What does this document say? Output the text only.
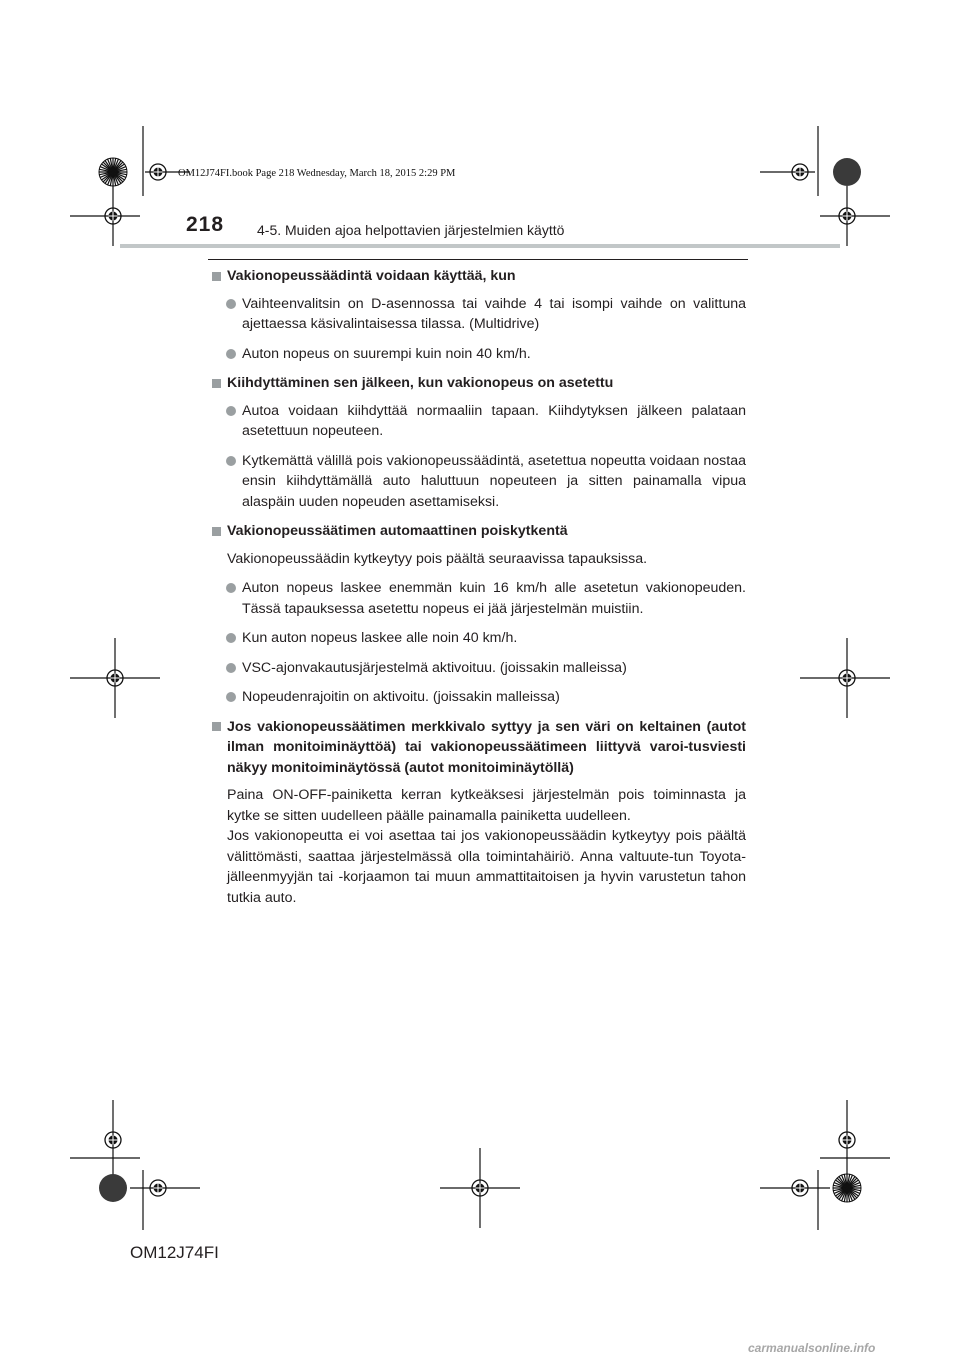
OM12J74FI.book Page 218 Wednesday, March 18, 2015 2:29 PM
218 4-5. Muiden ajoa helpottavien järjestelmien käyttö
Vakionopeussäädintä voidaan käyttää, kun
Vaihteenvalitsin on D-asennossa tai vaihde 4 tai isompi vaihde on valittuna ajettaessa käsivalintaisessa tilassa. (Multidrive)
Auton nopeus on suurempi kuin noin 40 km/h.
Kiihdyttäminen sen jälkeen, kun vakionopeus on asetettu
Autoa voidaan kiihdyttää normaaliin tapaan. Kiihdytyksen jälkeen palataan asetettuun nopeuteen.
Kytkemättä välillä pois vakionopeussäädintä, asetettua nopeutta voidaan nostaa ensin kiihdyttämällä auto haluttuun nopeuteen ja sitten painamalla vipua alaspäin uuden nopeuden asettamiseksi.
Vakionopeussäätimen automaattinen poiskytkentä
Vakionopeussäädin kytkeytyy pois päältä seuraavissa tapauksissa.
Auton nopeus laskee enemmän kuin 16 km/h alle asetetun vakionopeuden. Tässä tapauksessa asetettu nopeus ei jää järjestelmän muistiin.
Kun auton nopeus laskee alle noin 40 km/h.
VSC-ajonvakautusjärjestelmä aktivoituu. (joissakin malleissa)
Nopeudenrajoitin on aktivoitu. (joissakin malleissa)
Jos vakionopeussäätimen merkkivalo syttyy ja sen väri on keltainen (autot ilman monitoiminäyttöä) tai vakionopeussäätimeen liittyvä varoi-tusviesti näkyy monitoiminäytössä (autot monitoiminäytöllä)

Paina ON-OFF-painiketta kerran kytkeäksesi järjestelmän pois toiminnasta ja kytke se sitten uudelleen päälle painamalla painiketta uudelleen.

Jos vakionopeutta ei voi asettaa tai jos vakionopeussäädin kytkeytyy pois päältä välittömästi, saattaa järjestelmässä olla toimintahäiriö. Anna valtuute-tun Toyota-jälleenmyyjän tai -korjaamon tai muun ammattitaitoisen ja hyvin varustetun tahon tutkia auto.

OM12J74FI
carmanualsonline.info
